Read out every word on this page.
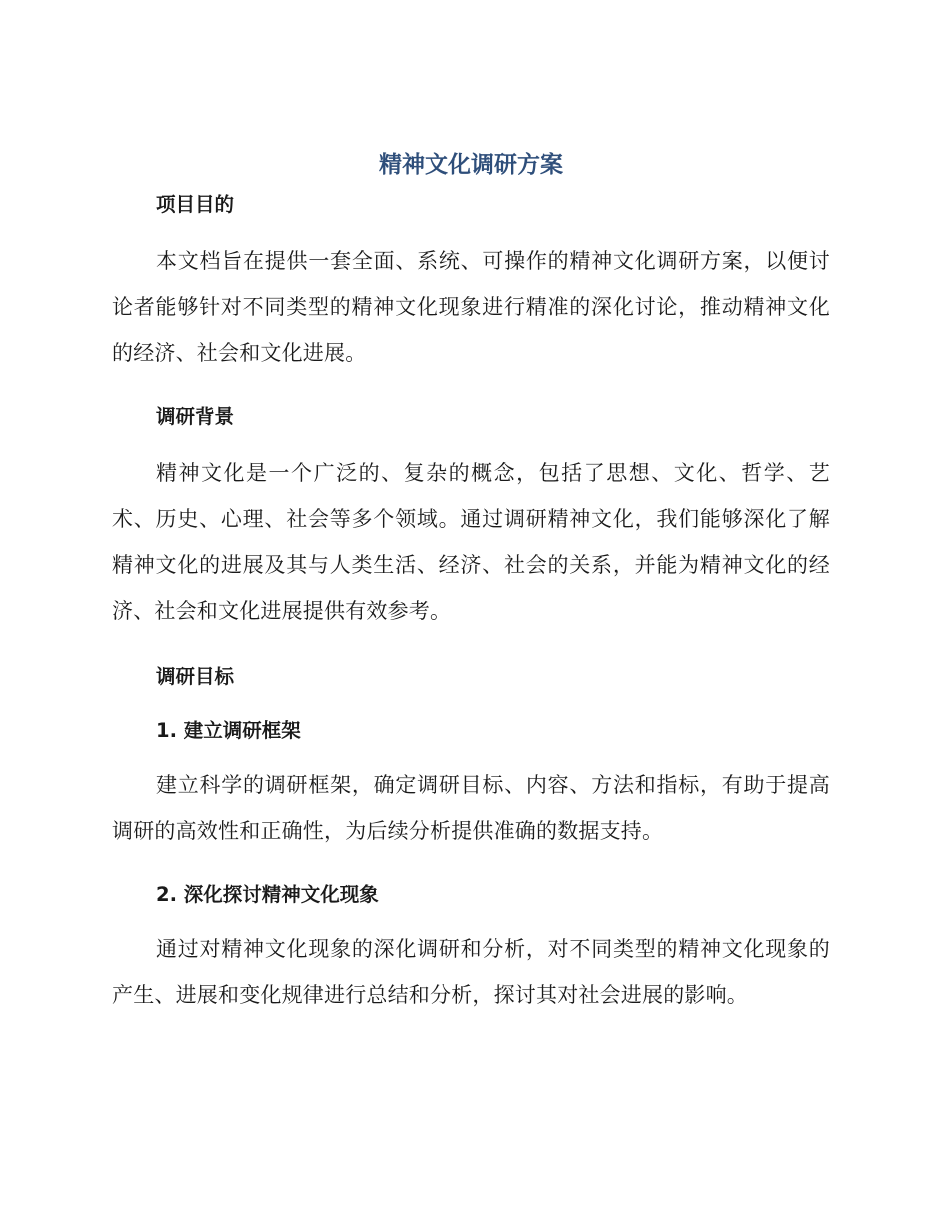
精神文化调研方案
项目目的

本文档旨在提供一套全面、系统、可操作的精神文化调研方案，以便讨论者能够针对不同类型的精神文化现象进行精准的深化讨论，推动精神文化的经济、社会和文化进展。

调研背景

精神文化是一个广泛的、复杂的概念，包括了思想、文化、哲学、艺术、历史、心理、社会等多个领域。通过调研精神文化，我们能够深化了解精神文化的进展及其与人类生活、经济、社会的关系，并能为精神文化的经济、社会和文化进展提供有效参考。

调研目标
1. 建立调研框架

建立科学的调研框架，确定调研目标、内容、方法和指标，有助于提高调研的高效性和正确性，为后续分析提供准确的数据支持。

2. 深化探讨精神文化现象

通过对精神文化现象的深化调研和分析，对不同类型的精神文化现象的产生、进展和变化规律进行总结和分析，探讨其对社会进展的影响。
